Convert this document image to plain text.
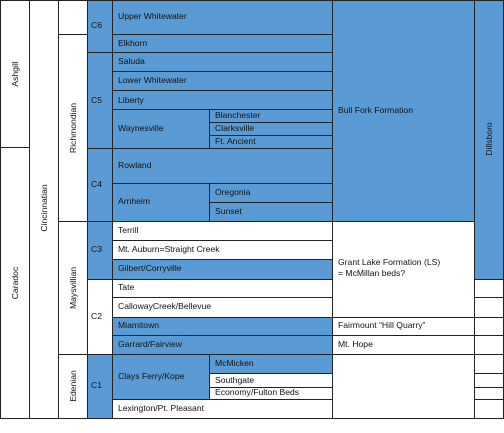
Ashgill
Caradoc
Cincinnatian
Richmondian
Maysvillian
Edenian
C6
C5
C4
C3
C2
C1
Upper Whitewater
Elkhorn
Saluda
Lower Whitewater
Liberty
Waynesville
Blanchester
Clarksville
Ft. Ancient
Rowland
Arnheim
Oregonia
Sunset
Terrill
Mt. Auburn=Straight Creek
Gilbert/Corryville
Tate
CallowayCreek/Bellevue
Miamitown
Garrard/Fairview
Clays Ferry/Kope
McMicken
Southgate
Economy/Fulton Beds
Lexington/Pt. Pleasant
Bull Fork Formation
Grant Lake Formation (LS)
= McMillan beds?
Fairmount “Hill Quarry”
Mt. Hope
Dillsboro
